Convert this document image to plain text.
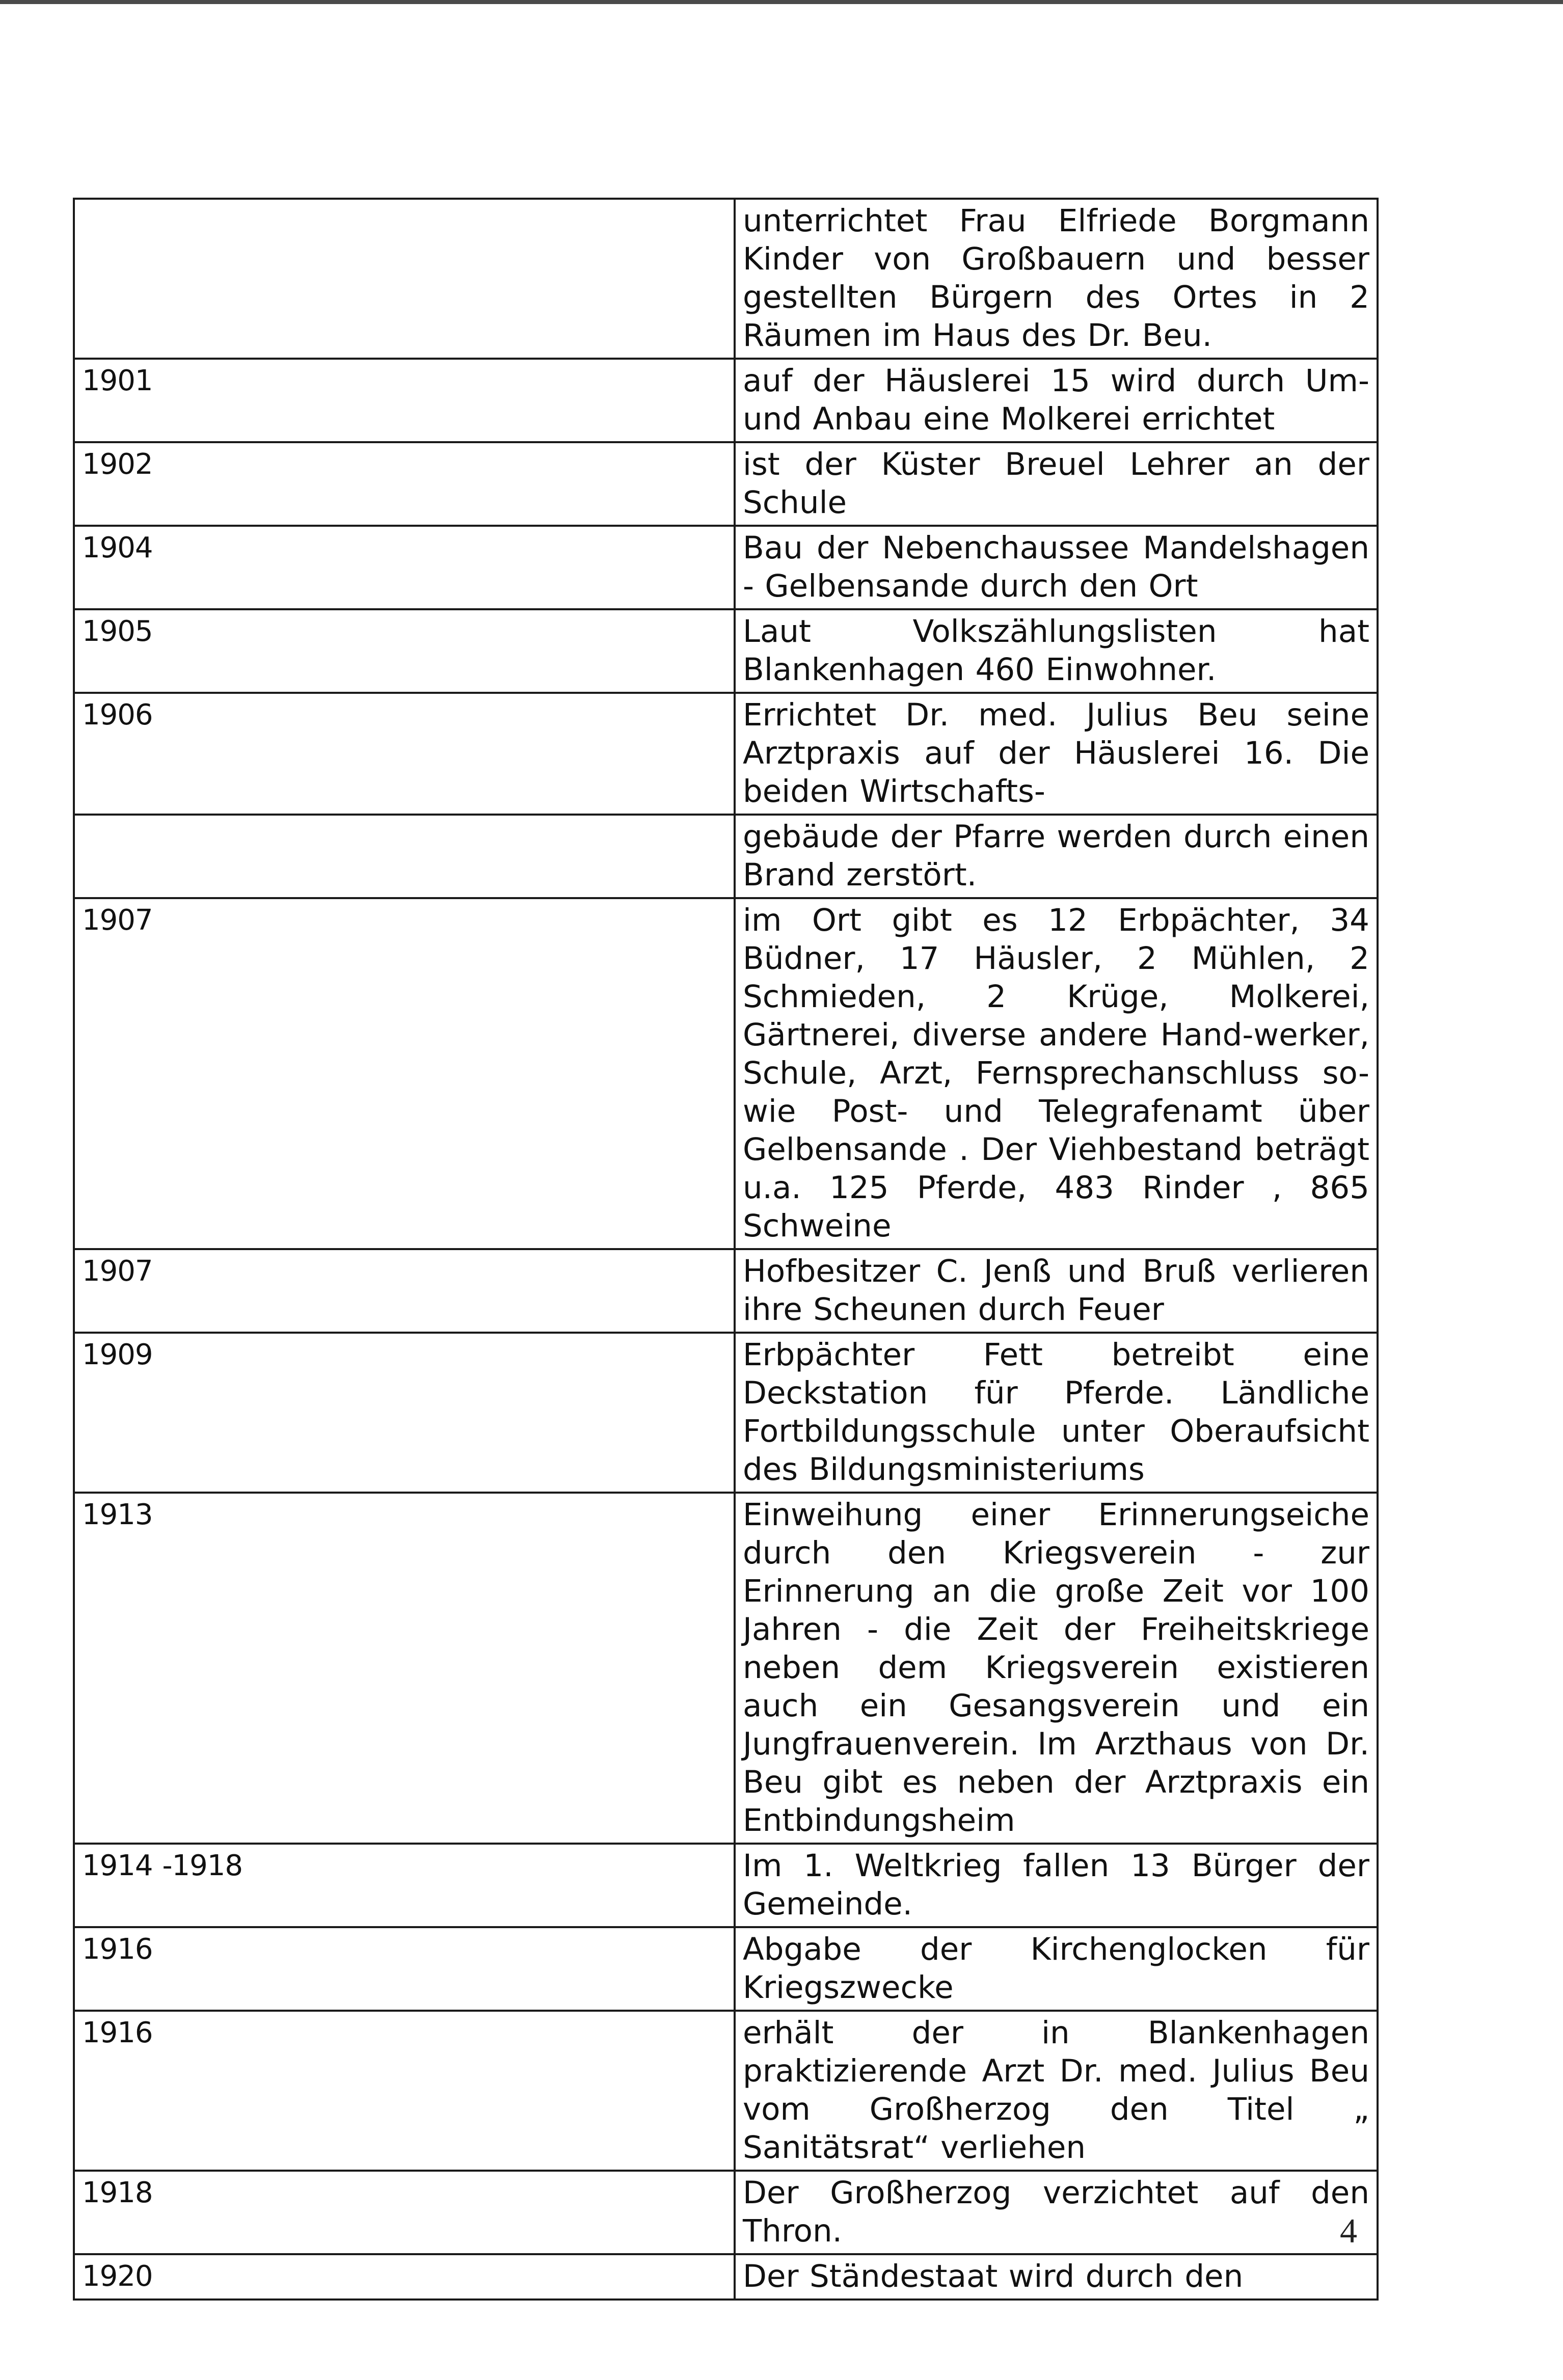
	unterrichtet Frau Elfriede Borgmann Kinder von Großbauern und besser gestellten Bürgern des Ortes in 2 Räumen im Haus des Dr. Beu.
1901	auf der Häuslerei 15 wird durch Um- und Anbau eine Molkerei errichtet
1902	ist der Küster Breuel Lehrer an der Schule
1904	Bau der Nebenchaussee Mandelshagen - Gelbensande durch den Ort
1905	Laut Volkszählungslisten hat Blankenhagen 460 Einwohner.
1906	Errichtet Dr. med. Julius Beu seine Arztpraxis auf der Häuslerei 16. Die beiden Wirtschafts-
	gebäude der Pfarre werden durch einen Brand zerstört.
1907	im Ort gibt es 12 Erbpächter, 34 Büdner, 17 Häusler, 2 Mühlen, 2 Schmieden, 2 Krüge, Molkerei, Gärtnerei, diverse andere Hand-werker, Schule, Arzt, Fernsprechanschluss so-wie Post- und Telegrafenamt über Gelbensande . Der Viehbestand beträgt u.a. 125 Pferde, 483 Rinder , 865 Schweine
1907	Hofbesitzer C. Jenß und Bruß verlieren ihre Scheunen durch Feuer
1909	Erbpächter Fett betreibt eine Deckstation für Pferde. Ländliche Fortbildungsschule unter Oberaufsicht des Bildungsministeriums
1913	Einweihung einer Erinnerungseiche durch den Kriegsverein - zur Erinnerung an die große Zeit vor 100 Jahren - die Zeit der Freiheitskriege neben dem Kriegsverein existieren auch ein Gesangsverein und ein Jungfrauenverein. Im Arzthaus von Dr. Beu gibt es neben der Arztpraxis ein Entbindungsheim
1914 -1918	Im 1. Weltkrieg fallen 13 Bürger der Gemeinde.
1916	Abgabe der Kirchenglocken für Kriegszwecke
1916	erhält der in Blankenhagen praktizierende Arzt Dr. med. Julius Beu vom Großherzog den Titel „ Sanitätsrat“ verliehen
1918	Der Großherzog verzichtet auf den Thron.
1920	Der Ständestaat wird durch den
4
